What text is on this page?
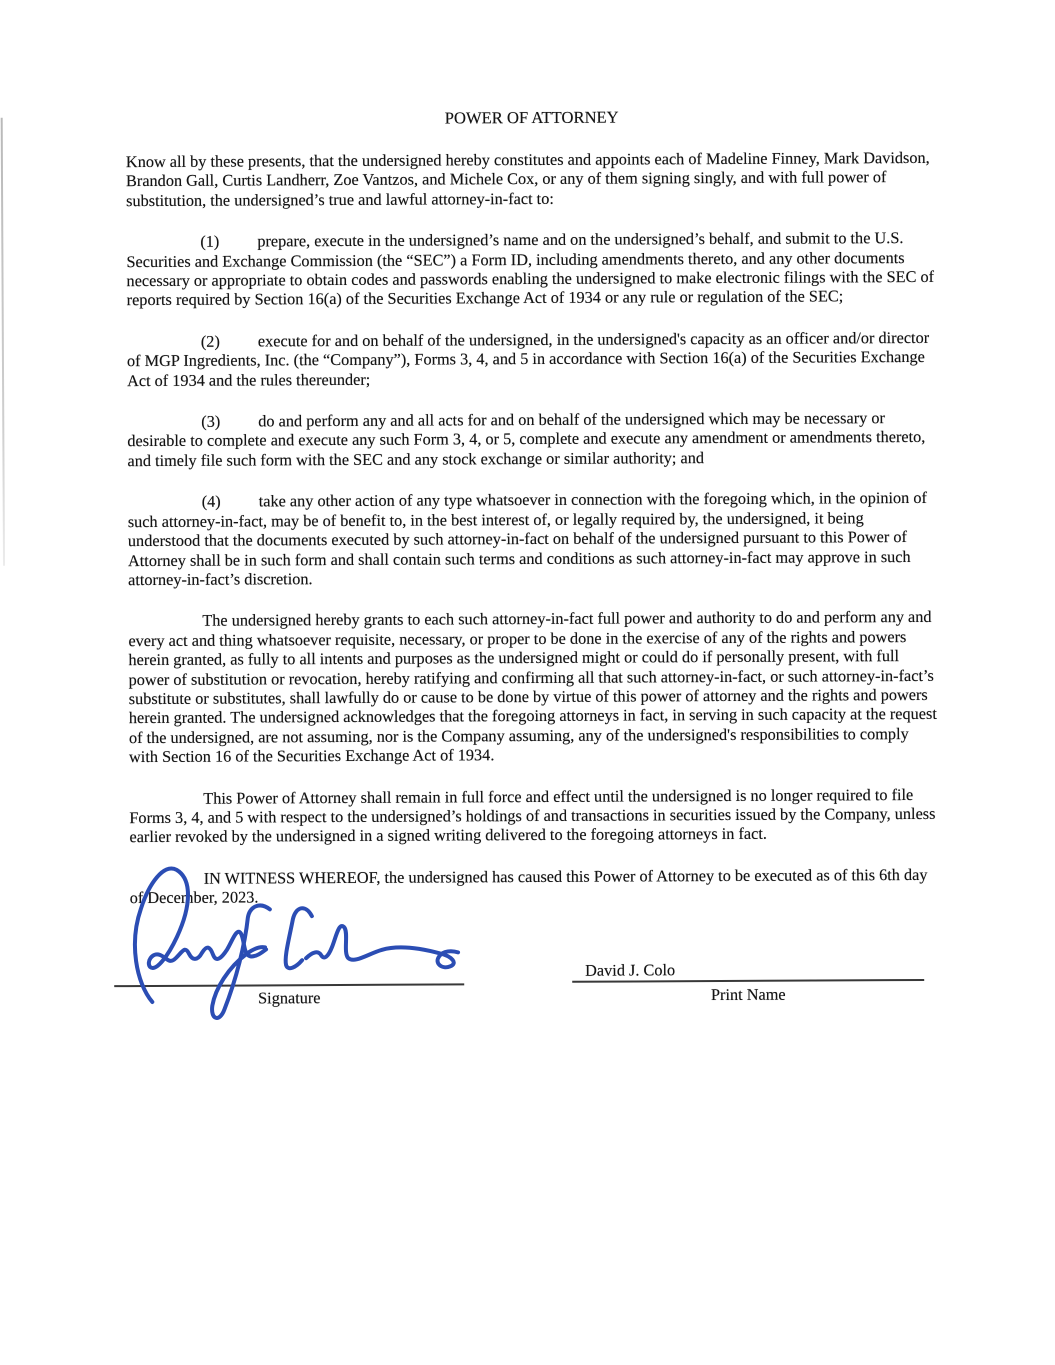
POWER OF ATTORNEY

Know all by these presents, that the undersigned hereby constitutes and appoints each of Madeline Finney, Mark Davidson, Brandon Gall, Curtis Landherr, Zoe Vantzos, and Michele Cox, or any of them signing singly, and with full power of substitution, the undersigned’s true and lawful attorney-in-fact to:

(1) prepare, execute in the undersigned’s name and on the undersigned’s behalf, and submit to the U.S. Securities and Exchange Commission (the “SEC”) a Form ID, including amendments thereto, and any other documents necessary or appropriate to obtain codes and passwords enabling the undersigned to make electronic filings with the SEC of reports required by Section 16(a) of the Securities Exchange Act of 1934 or any rule or regulation of the SEC;

(2) execute for and on behalf of the undersigned, in the undersigned's capacity as an officer and/or director of MGP Ingredients, Inc. (the “Company”), Forms 3, 4, and 5 in accordance with Section 16(a) of the Securities Exchange Act of 1934 and the rules thereunder;

(3) do and perform any and all acts for and on behalf of the undersigned which may be necessary or desirable to complete and execute any such Form 3, 4, or 5, complete and execute any amendment or amendments thereto, and timely file such form with the SEC and any stock exchange or similar authority; and

(4) take any other action of any type whatsoever in connection with the foregoing which, in the opinion of such attorney-in-fact, may be of benefit to, in the best interest of, or legally required by, the undersigned, it being understood that the documents executed by such attorney-in-fact on behalf of the undersigned pursuant to this Power of Attorney shall be in such form and shall contain such terms and conditions as such attorney-in-fact may approve in such attorney-in-fact’s discretion.

The undersigned hereby grants to each such attorney-in-fact full power and authority to do and perform any and every act and thing whatsoever requisite, necessary, or proper to be done in the exercise of any of the rights and powers herein granted, as fully to all intents and purposes as the undersigned might or could do if personally present, with full power of substitution or revocation, hereby ratifying and confirming all that such attorney-in-fact, or such attorney-in-fact’s substitute or substitutes, shall lawfully do or cause to be done by virtue of this power of attorney and the rights and powers herein granted. The undersigned acknowledges that the foregoing attorneys in fact, in serving in such capacity at the request of the undersigned, are not assuming, nor is the Company assuming, any of the undersigned's responsibilities to comply with Section 16 of the Securities Exchange Act of 1934.

This Power of Attorney shall remain in full force and effect until the undersigned is no longer required to file Forms 3, 4, and 5 with respect to the undersigned’s holdings of and transactions in securities issued by the Company, unless earlier revoked by the undersigned in a signed writing delivered to the foregoing attorneys in fact.

IN WITNESS WHEREOF, the undersigned has caused this Power of Attorney to be executed as of this 6th day of December, 2023.

Signature
David J. Colo
Print Name
